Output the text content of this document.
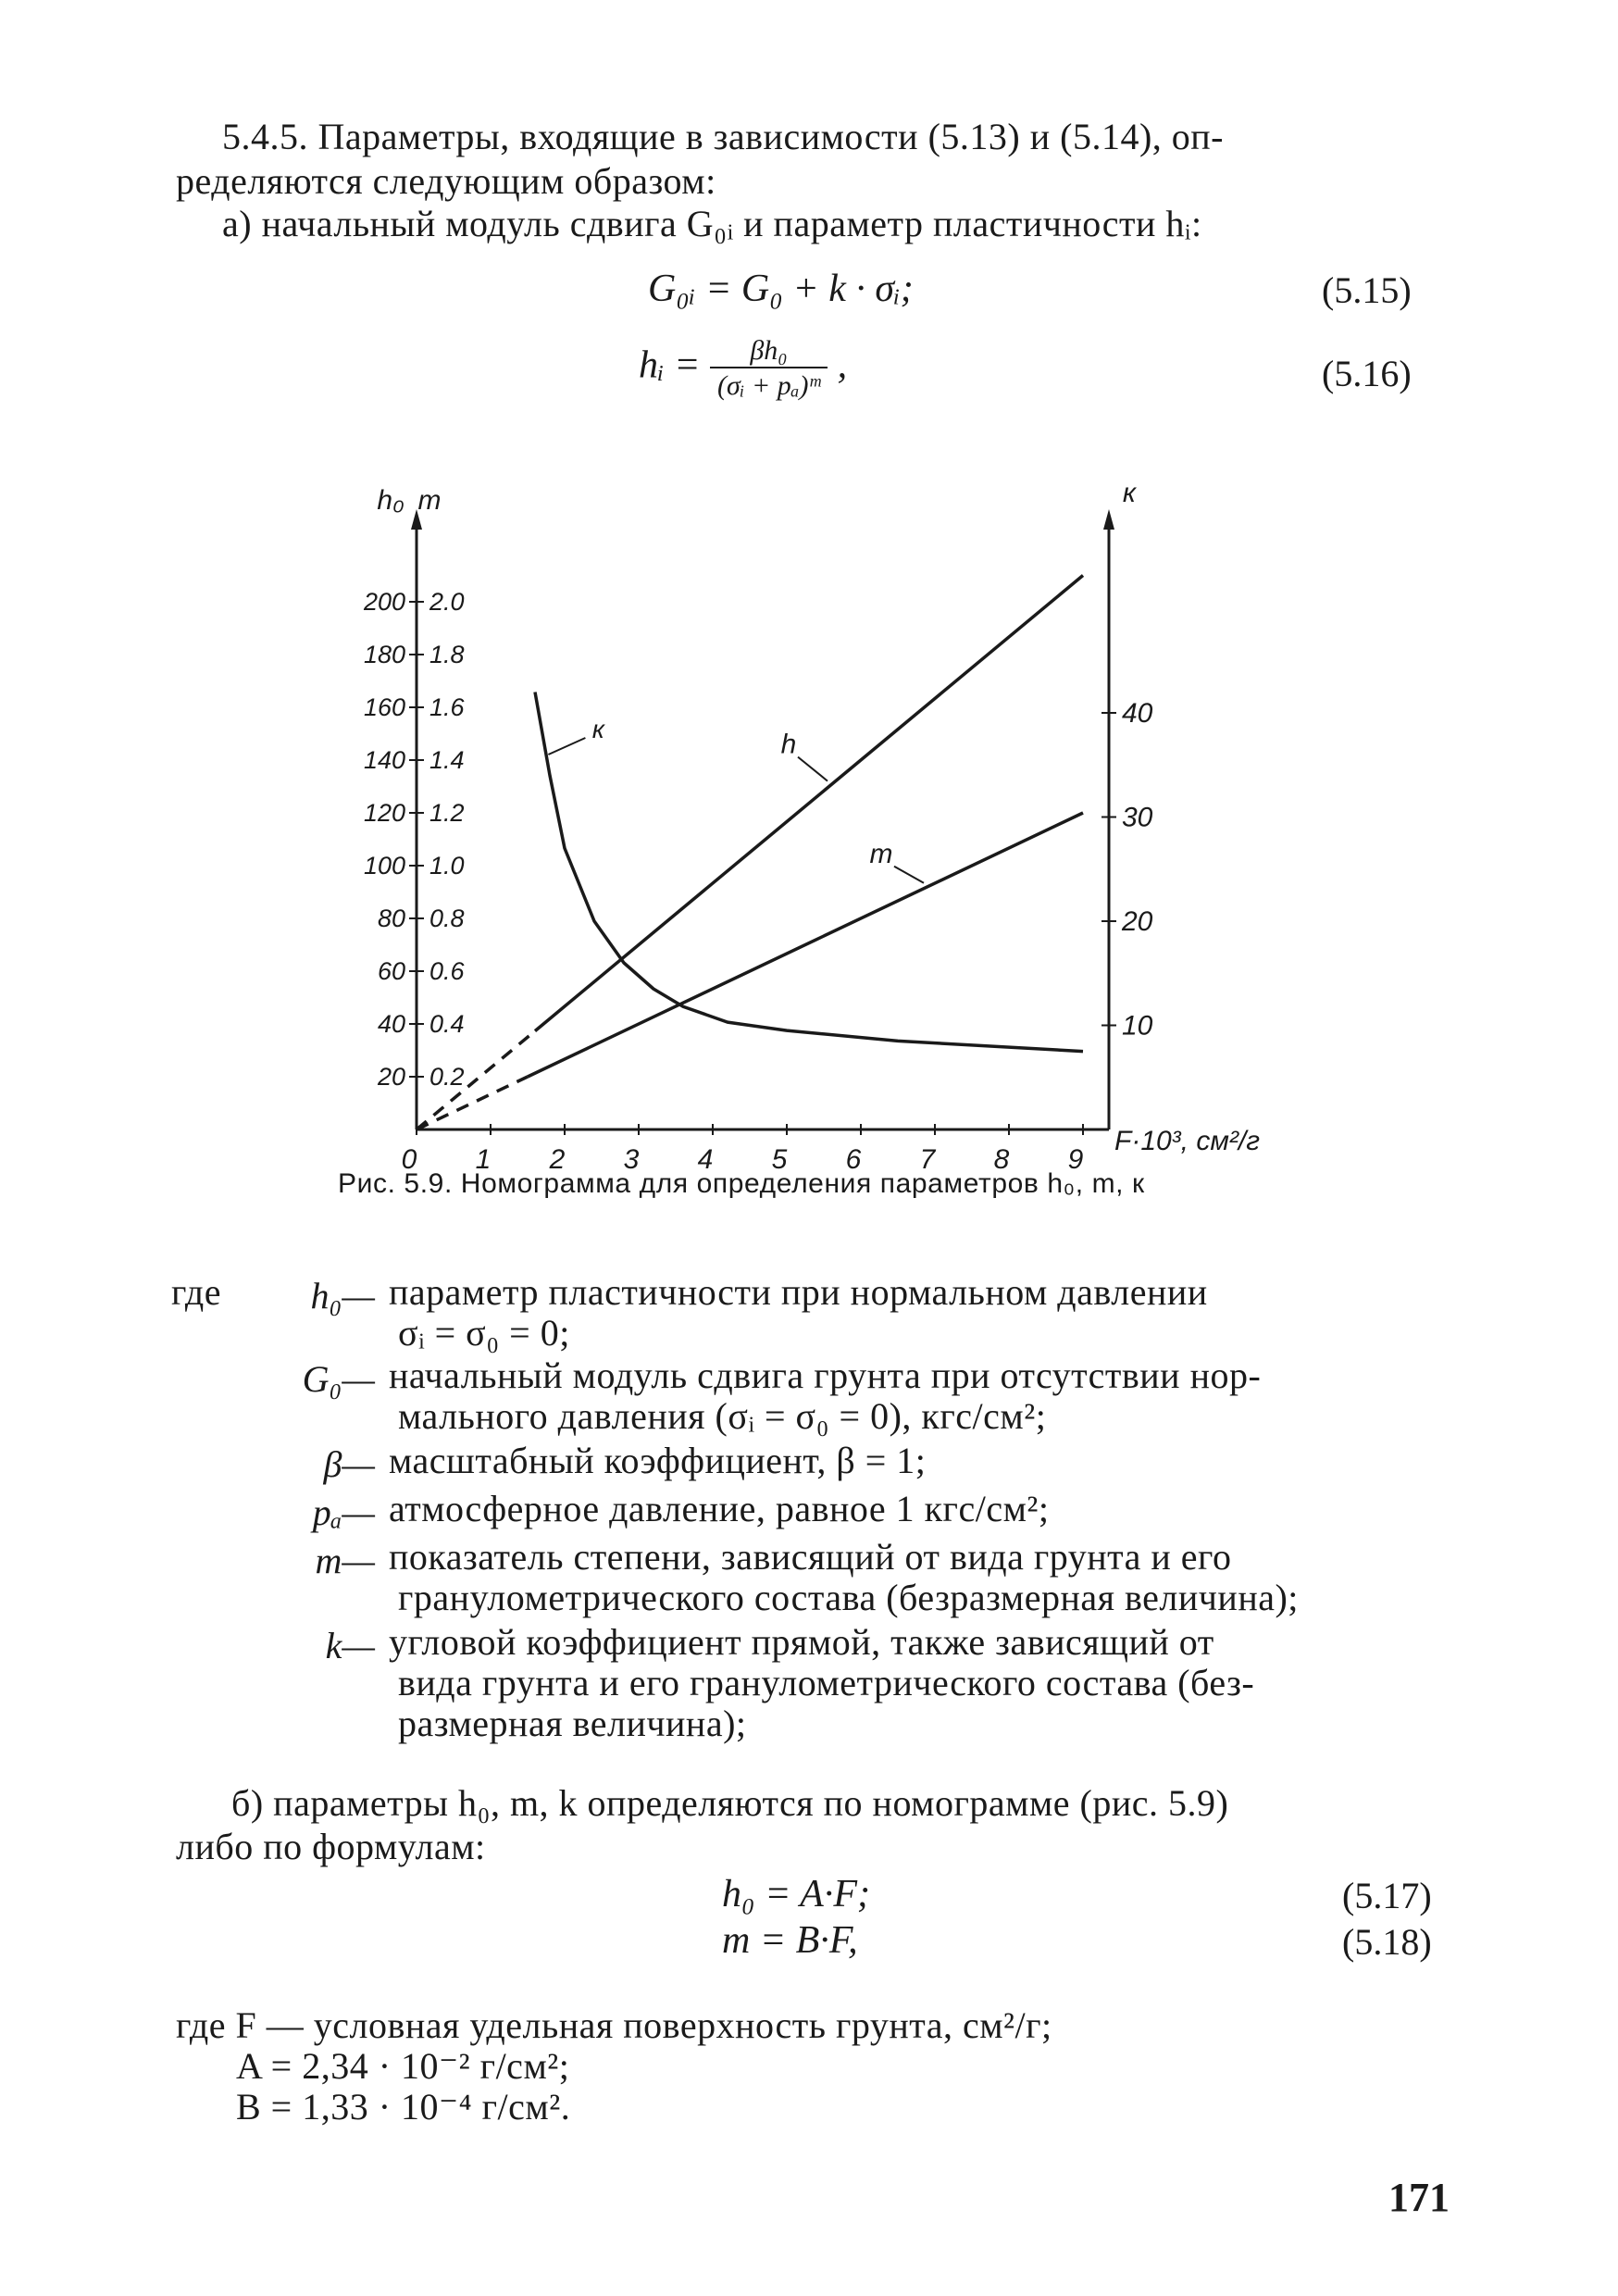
5.4.5. Параметры, входящие в зависимости (5.13) и (5.14), оп-
ределяются следующим образом:
а) начальный модуль сдвига G₀ᵢ и параметр пластичности hᵢ:
G₀ᵢ = G₀ + k · σᵢ;	(5.15)
hᵢ = $\frac{\text{βh₀}}{\text{(σᵢ + pₐ)ᵐ}}$ ,	(5.16)
20 0.2
40 0.4
60 0.6
80 0.8
100 1.0
120 1.2
140 1.4
160 1.6
180 1.8
200 2.0
h₀ m	к
10
20
30
40
0 1 2 3 4 5 6 7 8 9
F·10³, см²/г
h
m
к
Рис. 5.9. Номограмма для определения параметров h₀, m, к
где	h₀— параметр пластичности при нормальном давлении
σᵢ = σ₀ = 0;
G₀— начальный модуль сдвига грунта при отсутствии нор-
мального давления (σᵢ = σ₀ = 0), кгс/см²;
β— масштабный коэффициент, β = 1;
pₐ— атмосферное давление, равное 1 кгс/см²;
m— показатель степени, зависящий от вида грунта и его
гранулометрического состава (безразмерная величина);
k— угловой коэффициент прямой, также зависящий от
вида грунта и его гранулометрического состава (без-
размерная величина);
б) параметры h₀, m, k определяются по номограмме (рис. 5.9)
либо по формулам:
h₀ = A·F;	(5.17)
m = B·F,	(5.18)
где F — условная удельная поверхность грунта, см²/г;
A = 2,34 · 10⁻² г/см²;
B = 1,33 · 10⁻⁴ г/см².
171
